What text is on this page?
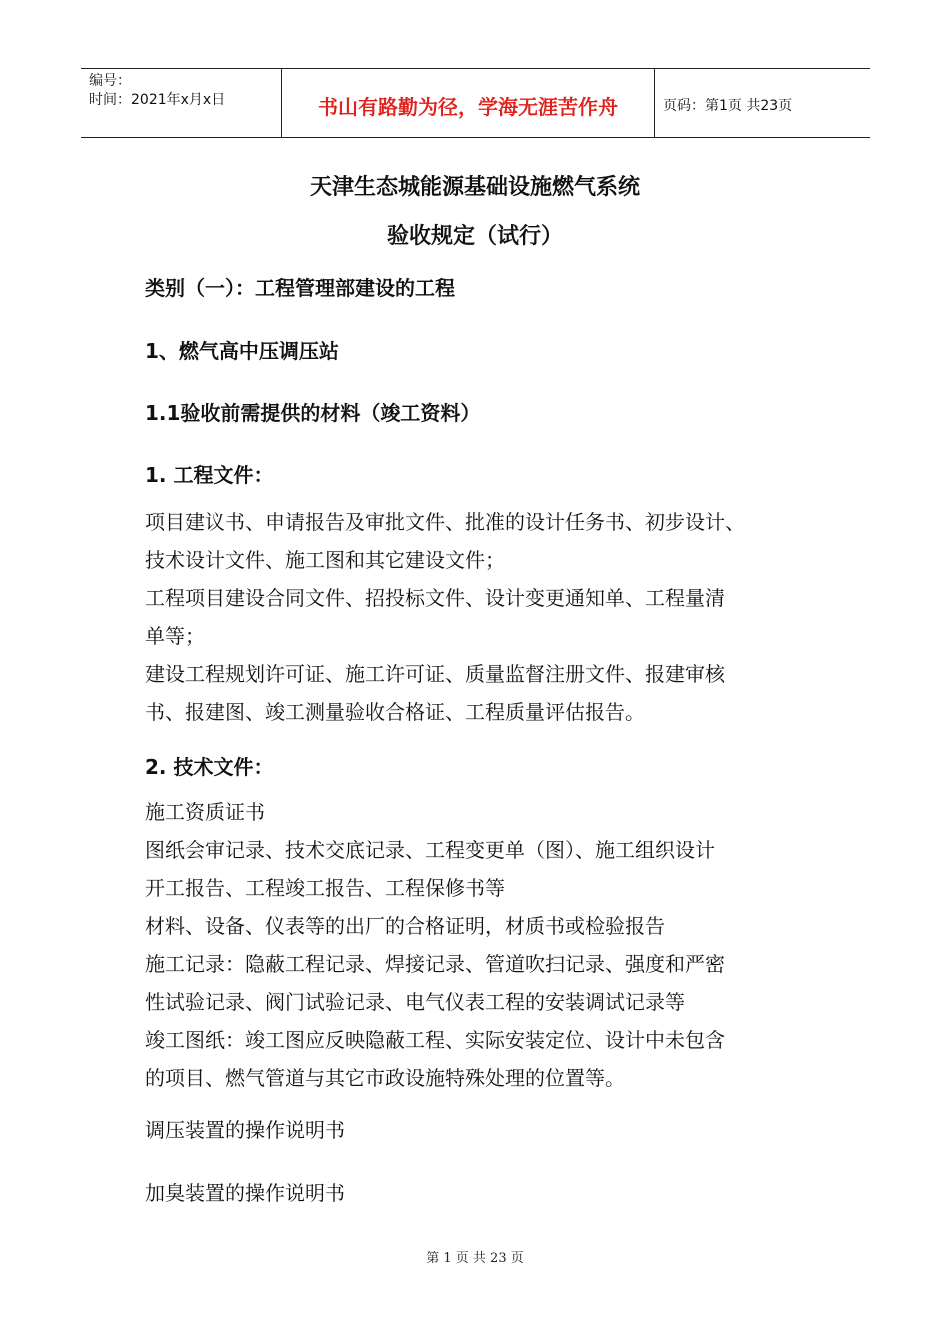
编号：
时间：2021年x月x日	书山有路勤为径，学海无涯苦作舟	页码：第1页 共23页
天津生态城能源基础设施燃气系统
验收规定（试行）
类别（一）：工程管理部建设的工程
1、燃气高中压调压站
1.1验收前需提供的材料（竣工资料）
1. 工程文件：
项目建议书、申请报告及审批文件、批准的设计任务书、初步设计、
技术设计文件、施工图和其它建设文件；
工程项目建设合同文件、招投标文件、设计变更通知单、工程量清
单等；
建设工程规划许可证、施工许可证、质量监督注册文件、报建审核
书、报建图、竣工测量验收合格证、工程质量评估报告。
2. 技术文件：
施工资质证书
图纸会审记录、技术交底记录、工程变更单（图）、施工组织设计
开工报告、工程竣工报告、工程保修书等
材料、设备、仪表等的出厂的合格证明，材质书或检验报告
施工记录：隐蔽工程记录、焊接记录、管道吹扫记录、强度和严密
性试验记录、阀门试验记录、电气仪表工程的安装调试记录等
竣工图纸：竣工图应反映隐蔽工程、实际安装定位、设计中未包含
的项目、燃气管道与其它市政设施特殊处理的位置等。
调压装置的操作说明书
加臭装置的操作说明书
第 1 页 共 23 页
